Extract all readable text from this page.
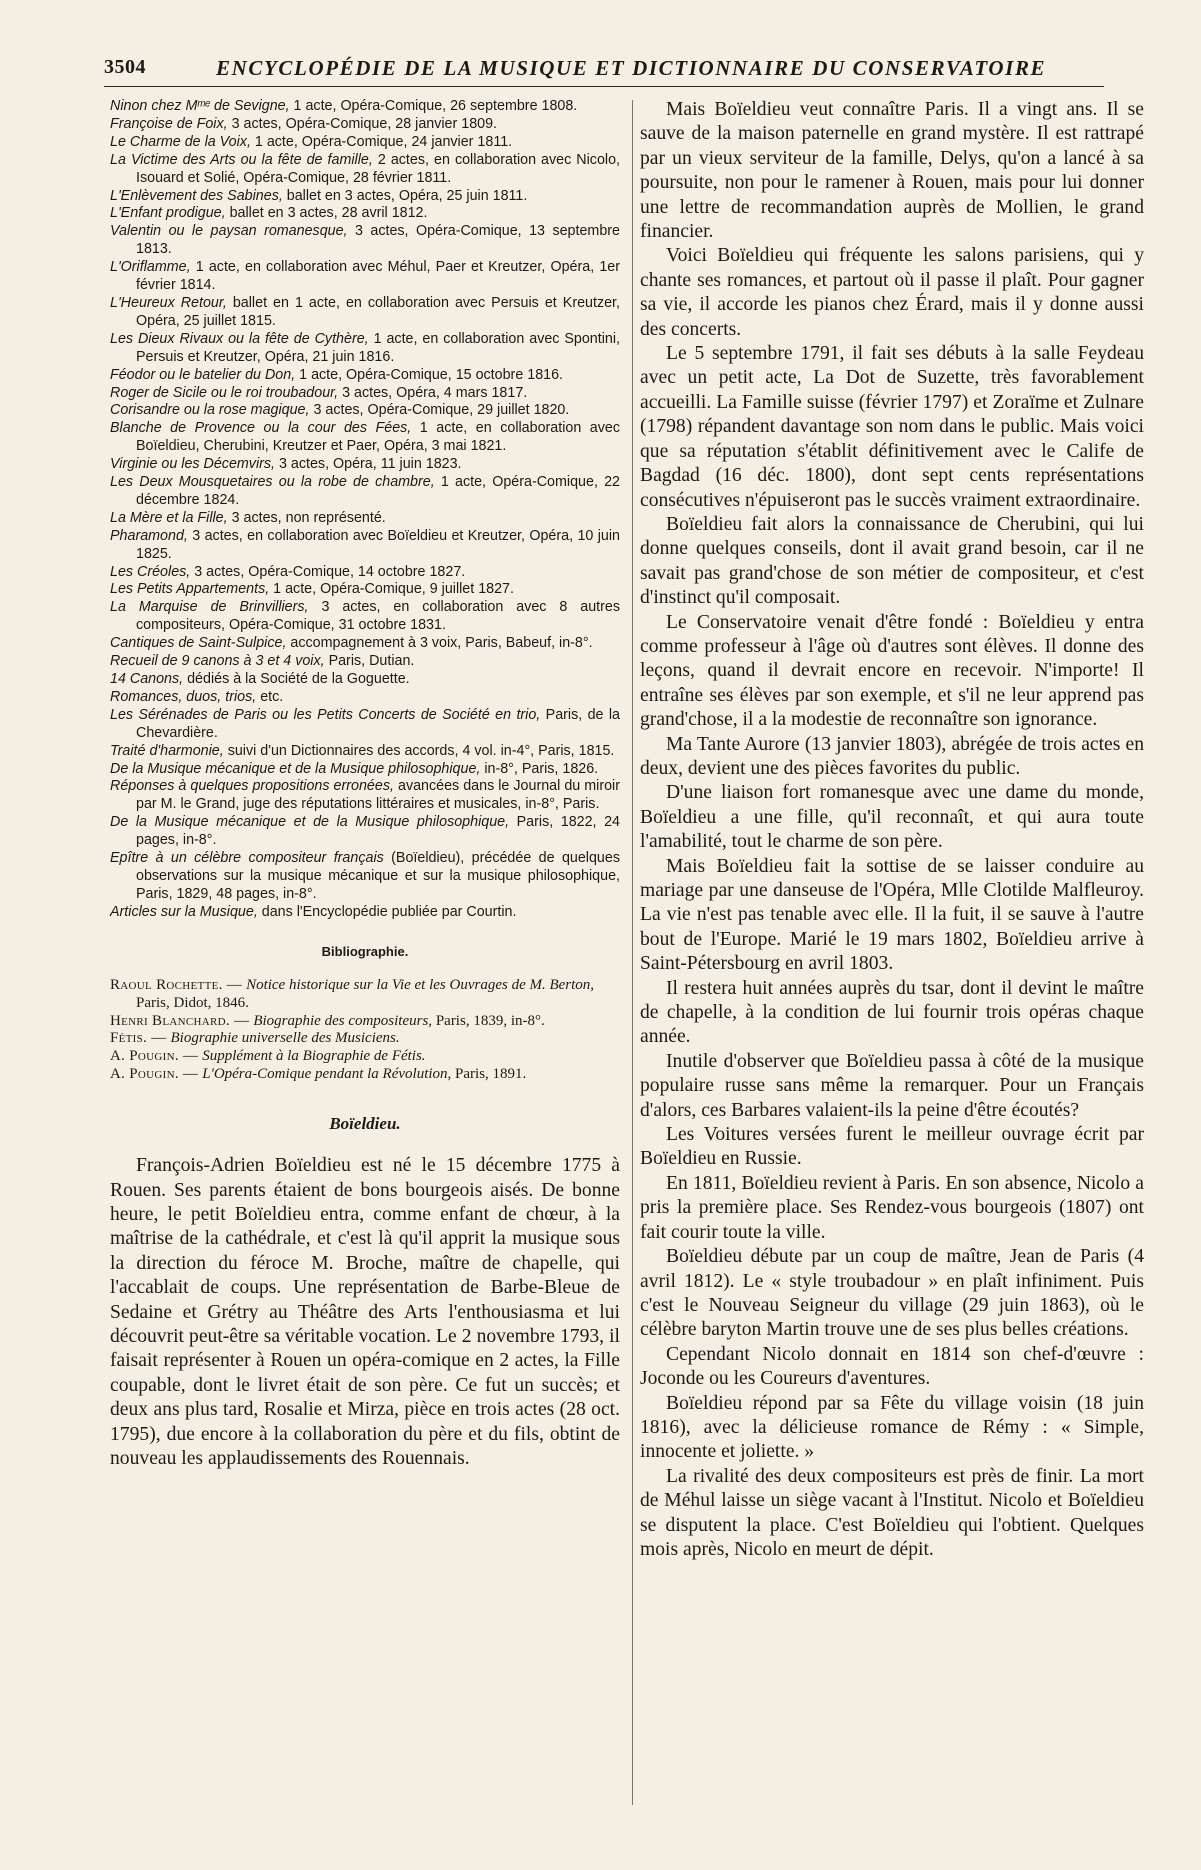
3504	ENCYCLOPÉDIE DE LA MUSIQUE ET DICTIONNAIRE DU CONSERVATOIRE
Ninon chez Mᵐᵉ de Sevigne, 1 acte, Opéra-Comique, 26 septembre 1808.
Françoise de Foix, 3 actes, Opéra-Comique, 28 janvier 1809.
Le Charme de la Voix, 1 acte, Opéra-Comique, 24 janvier 1811.
La Victime des Arts ou la fête de famille, 2 actes, en collaboration avec Nicolo, Isouard et Solié, Opéra-Comique, 28 février 1811.
L'Enlèvement des Sabines, ballet en 3 actes, Opéra, 25 juin 1811.
L'Enfant prodigue, ballet en 3 actes, 28 avril 1812.
Valentin ou le paysan romanesque, 3 actes, Opéra-Comique, 13 septembre 1813.
L'Oriflamme, 1 acte, en collaboration avec Méhul, Paer et Kreutzer, Opéra, 1er février 1814.
L'Heureux Retour, ballet en 1 acte, en collaboration avec Persuis et Kreutzer, Opéra, 25 juillet 1815.
Les Dieux Rivaux ou la fête de Cythère, 1 acte, en collaboration avec Spontini, Persuis et Kreutzer, Opéra, 21 juin 1816.
Féodor ou le batelier du Don, 1 acte, Opéra-Comique, 15 octobre 1816.
Roger de Sicile ou le roi troubadour, 3 actes, Opéra, 4 mars 1817.
Corisandre ou la rose magique, 3 actes, Opéra-Comique, 29 juillet 1820.
Blanche de Provence ou la cour des Fées, 1 acte, en collaboration avec Boïeldieu, Cherubini, Kreutzer et Paer, Opéra, 3 mai 1821.
Virginie ou les Décemvirs, 3 actes, Opéra, 11 juin 1823.
Les Deux Mousquetaires ou la robe de chambre, 1 acte, Opéra-Comique, 22 décembre 1824.
La Mère et la Fille, 3 actes, non représenté.
Pharamond, 3 actes, en collaboration avec Boïeldieu et Kreutzer, Opéra, 10 juin 1825.
Les Créoles, 3 actes, Opéra-Comique, 14 octobre 1827.
Les Petits Appartements, 1 acte, Opéra-Comique, 9 juillet 1827.
La Marquise de Brinvilliers, 3 actes, en collaboration avec 8 autres compositeurs, Opéra-Comique, 31 octobre 1831.
Cantiques de Saint-Sulpice, accompagnement à 3 voix, Paris, Babeuf, in-8°.
Recueil de 9 canons à 3 et 4 voix, Paris, Dutian.
14 Canons, dédiés à la Société de la Goguette.
Romances, duos, trios, etc.
Les Sérénades de Paris ou les Petits Concerts de Société en trio, Paris, de la Chevardière.
Traité d'harmonie, suivi d'un Dictionnaires des accords, 4 vol. in-4°, Paris, 1815.
De la Musique mécanique et de la Musique philosophique, in-8°, Paris, 1826.
Réponses à quelques propositions erronées, avancées dans le Journal du miroir par M. le Grand, juge des réputations littéraires et musicales, in-8°, Paris.
De la Musique mécanique et de la Musique philosophique, Paris, 1822, 24 pages, in-8°.
Epître à un célèbre compositeur français (Boïeldieu), précédée de quelques observations sur la musique mécanique et sur la musique philosophique, Paris, 1829, 48 pages, in-8°.
Articles sur la Musique, dans l'Encyclopédie publiée par Courtin.
Bibliographie.
Raoul Rochette. — Notice historique sur la Vie et les Ouvrages de M. Berton, Paris, Didot, 1846.
Henri Blanchard. — Biographie des compositeurs, Paris, 1839, in-8°.
Fétis. — Biographie universelle des Musiciens.
A. Pougin. — Supplément à la Biographie de Fétis.
A. Pougin. — L'Opéra-Comique pendant la Révolution, Paris, 1891.
Boïeldieu.

François-Adrien Boïeldieu est né le 15 décembre 1775 à Rouen. Ses parents étaient de bons bourgeois aisés. De bonne heure, le petit Boïeldieu entra, comme enfant de chœur, à la maîtrise de la cathédrale, et c'est là qu'il apprit la musique sous la direction du féroce M. Broche, maître de chapelle, qui l'accablait de coups. Une représentation de Barbe-Bleue de Sedaine et Grétry au Théâtre des Arts l'enthousiasma et lui découvrit peut-être sa véritable vocation. Le 2 novembre 1793, il faisait représenter à Rouen un opéra-comique en 2 actes, la Fille coupable, dont le livret était de son père. Ce fut un succès; et deux ans plus tard, Rosalie et Mirza, pièce en trois actes (28 oct. 1795), due encore à la collaboration du père et du fils, obtint de nouveau les applaudissements des Rouennais.

Mais Boïeldieu veut connaître Paris. Il a vingt ans. Il se sauve de la maison paternelle en grand mystère. Il est rattrapé par un vieux serviteur de la famille, Delys, qu'on a lancé à sa poursuite, non pour le ramener à Rouen, mais pour lui donner une lettre de recommandation auprès de Mollien, le grand financier.

Voici Boïeldieu qui fréquente les salons parisiens, qui y chante ses romances, et partout où il passe il plaît. Pour gagner sa vie, il accorde les pianos chez Érard, mais il y donne aussi des concerts.

Le 5 septembre 1791, il fait ses débuts à la salle Feydeau avec un petit acte, La Dot de Suzette, très favorablement accueilli. La Famille suisse (février 1797) et Zoraïme et Zulnare (1798) répandent davantage son nom dans le public. Mais voici que sa réputation s'établit définitivement avec le Calife de Bagdad (16 déc. 1800), dont sept cents représentations consécutives n'épuiseront pas le succès vraiment extraordinaire.

Boïeldieu fait alors la connaissance de Cherubini, qui lui donne quelques conseils, dont il avait grand besoin, car il ne savait pas grand'chose de son métier de compositeur, et c'est d'instinct qu'il composait.

Le Conservatoire venait d'être fondé : Boïeldieu y entra comme professeur à l'âge où d'autres sont élèves. Il donne des leçons, quand il devrait encore en recevoir. N'importe! Il entraîne ses élèves par son exemple, et s'il ne leur apprend pas grand'chose, il a la modestie de reconnaître son ignorance.

Ma Tante Aurore (13 janvier 1803), abrégée de trois actes en deux, devient une des pièces favorites du public.

D'une liaison fort romanesque avec une dame du monde, Boïeldieu a une fille, qu'il reconnaît, et qui aura toute l'amabilité, tout le charme de son père.

Mais Boïeldieu fait la sottise de se laisser conduire au mariage par une danseuse de l'Opéra, Mlle Clotilde Malfleuroy. La vie n'est pas tenable avec elle. Il la fuit, il se sauve à l'autre bout de l'Europe. Marié le 19 mars 1802, Boïeldieu arrive à Saint-Pétersbourg en avril 1803.

Il restera huit années auprès du tsar, dont il devint le maître de chapelle, à la condition de lui fournir trois opéras chaque année.

Inutile d'observer que Boïeldieu passa à côté de la musique populaire russe sans même la remarquer. Pour un Français d'alors, ces Barbares valaient-ils la peine d'être écoutés?

Les Voitures versées furent le meilleur ouvrage écrit par Boïeldieu en Russie.

En 1811, Boïeldieu revient à Paris. En son absence, Nicolo a pris la première place. Ses Rendez-vous bourgeois (1807) ont fait courir toute la ville.

Boïeldieu débute par un coup de maître, Jean de Paris (4 avril 1812). Le « style troubadour » en plaît infiniment. Puis c'est le Nouveau Seigneur du village (29 juin 1863), où le célèbre baryton Martin trouve une de ses plus belles créations.

Cependant Nicolo donnait en 1814 son chef-d'œuvre : Joconde ou les Coureurs d'aventures.

Boïeldieu répond par sa Fête du village voisin (18 juin 1816), avec la délicieuse romance de Rémy : « Simple, innocente et joliette. »

La rivalité des deux compositeurs est près de finir. La mort de Méhul laisse un siège vacant à l'Institut. Nicolo et Boïeldieu se disputent la place. C'est Boïeldieu qui l'obtient. Quelques mois après, Nicolo en meurt de dépit.
